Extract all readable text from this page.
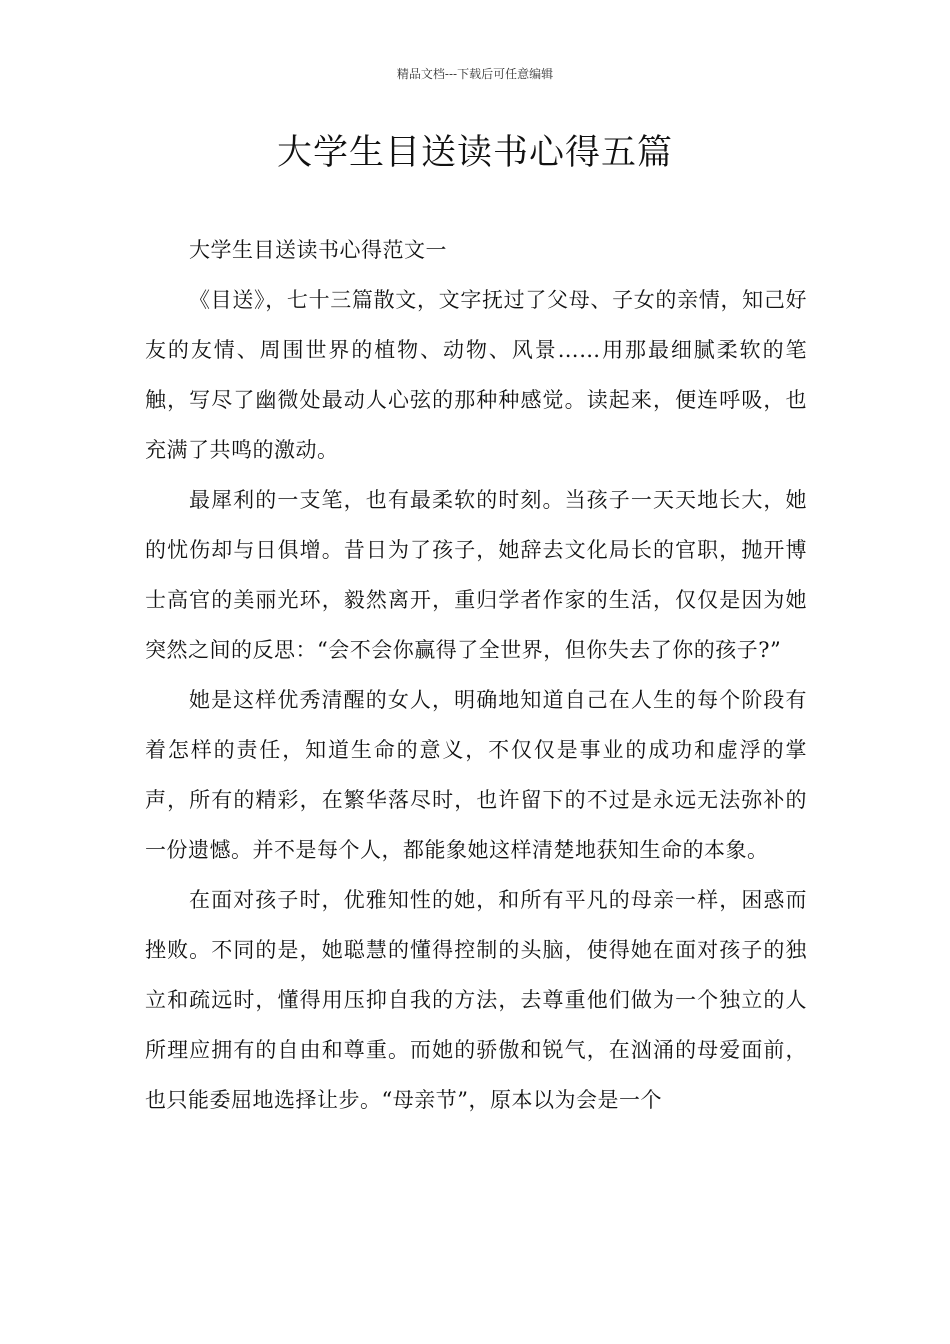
精品文档---下载后可任意编辑
大学生目送读书心得五篇

大学生目送读书心得范文一

《目送》，七十三篇散文，文字抚过了父母、子女的亲情，知己好友的友情、周围世界的植物、动物、风景……用那最细腻柔软的笔触，写尽了幽微处最动人心弦的那种种感觉。读起来，便连呼吸，也充满了共鸣的激动。

最犀利的一支笔，也有最柔软的时刻。当孩子一天天地长大，她的忧伤却与日俱增。昔日为了孩子，她辞去文化局长的官职，抛开博士高官的美丽光环，毅然离开，重归学者作家的生活，仅仅是因为她突然之间的反思：“会不会你赢得了全世界，但你失去了你的孩子?”

她是这样优秀清醒的女人，明确地知道自己在人生的每个阶段有着怎样的责任，知道生命的意义，不仅仅是事业的成功和虚浮的掌声，所有的精彩，在繁华落尽时，也许留下的不过是永远无法弥补的一份遗憾。并不是每个人，都能象她这样清楚地获知生命的本象。

在面对孩子时，优雅知性的她，和所有平凡的母亲一样，困惑而挫败。不同的是，她聪慧的懂得控制的头脑，使得她在面对孩子的独立和疏远时，懂得用压抑自我的方法，去尊重他们做为一个独立的人所理应拥有的自由和尊重。而她的骄傲和锐气，在汹涌的母爱面前，也只能委屈地选择让步。“母亲节”，原本以为会是一个
